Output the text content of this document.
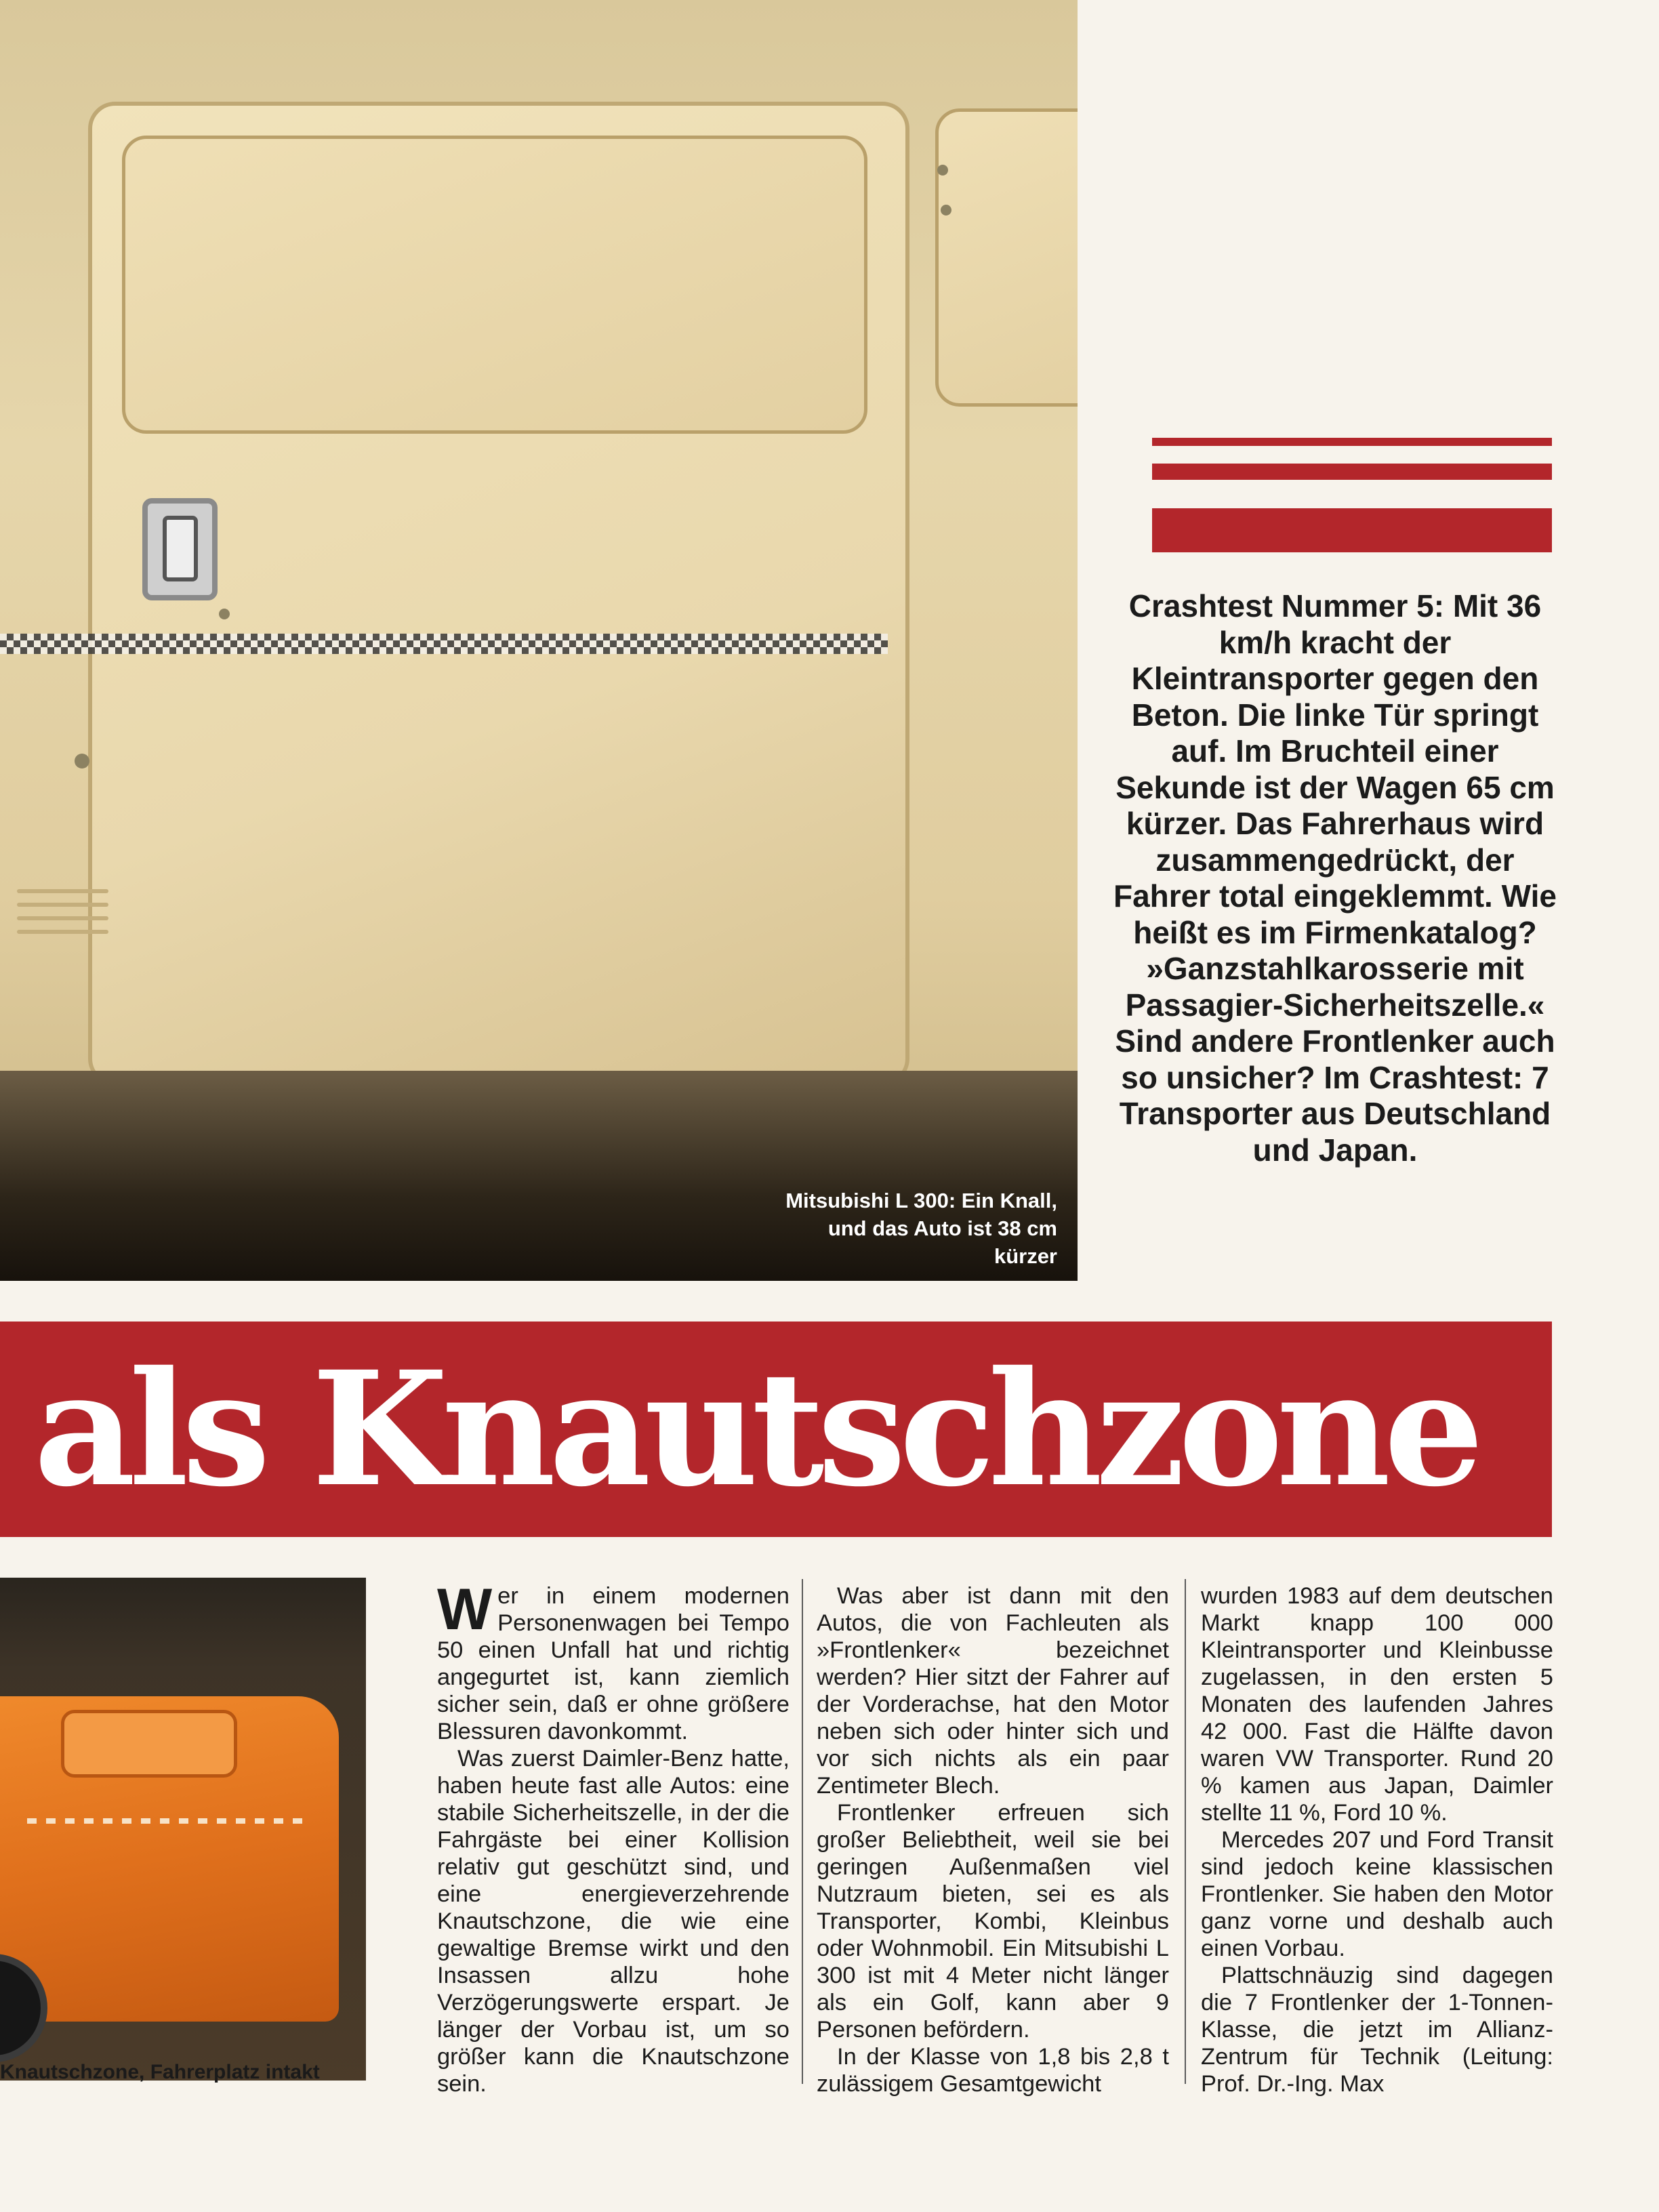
Mitsubishi L 300: Ein Knall, und das Auto ist 38 cm kürzer
Crashtest Nummer 5: Mit 36 km/h kracht der Kleintransporter gegen den Beton. Die linke Tür springt auf. Im Bruchteil einer Sekunde ist der Wagen 65 cm kürzer. Das Fahrerhaus wird zusammengedrückt, der Fahrer total eingeklemmt. Wie heißt es im Firmenkatalog? »Ganzstahlkarosserie mit Passagier-Sicherheitszelle.« Sind andere Frontlenker auch so unsicher? Im Crashtest: 7 Transporter aus Deutschland und Japan.
als Knautschzone
Knautschzone, Fahrerplatz intakt

Wer in einem modernen Personenwagen bei Tempo 50 einen Unfall hat und richtig angegurtet ist, kann ziemlich sicher sein, daß er ohne größere Blessuren davonkommt.

Was zuerst Daimler-Benz hatte, haben heute fast alle Autos: eine stabile Sicherheitszelle, in der die Fahrgäste bei einer Kollision relativ gut geschützt sind, und eine energieverzehrende Knautschzone, die wie eine gewaltige Bremse wirkt und den Insassen allzu hohe Verzögerungswerte erspart. Je länger der Vorbau ist, um so größer kann die Knautschzone sein.

Was aber ist dann mit den Autos, die von Fachleuten als »Frontlenker« bezeichnet werden? Hier sitzt der Fahrer auf der Vorderachse, hat den Motor neben sich oder hinter sich und vor sich nichts als ein paar Zentimeter Blech.

Frontlenker erfreuen sich großer Beliebtheit, weil sie bei geringen Außenmaßen viel Nutzraum bieten, sei es als Transporter, Kombi, Kleinbus oder Wohnmobil. Ein Mitsubishi L 300 ist mit 4 Meter nicht länger als ein Golf, kann aber 9 Personen befördern.

In der Klasse von 1,8 bis 2,8 t zulässigem Gesamtgewicht

wurden 1983 auf dem deutschen Markt knapp 100 000 Kleintransporter und Kleinbusse zugelassen, in den ersten 5 Monaten des laufenden Jahres 42 000. Fast die Hälfte davon waren VW Transporter. Rund 20 % kamen aus Japan, Daimler stellte 11 %, Ford 10 %.

Mercedes 207 und Ford Transit sind jedoch keine klassischen Frontlenker. Sie haben den Motor ganz vorne und deshalb auch einen Vorbau.

Plattschnäuzig sind dagegen die 7 Frontlenker der 1-Tonnen-Klasse, die jetzt im Allianz-Zentrum für Technik (Leitung: Prof. Dr.-Ing. Max
